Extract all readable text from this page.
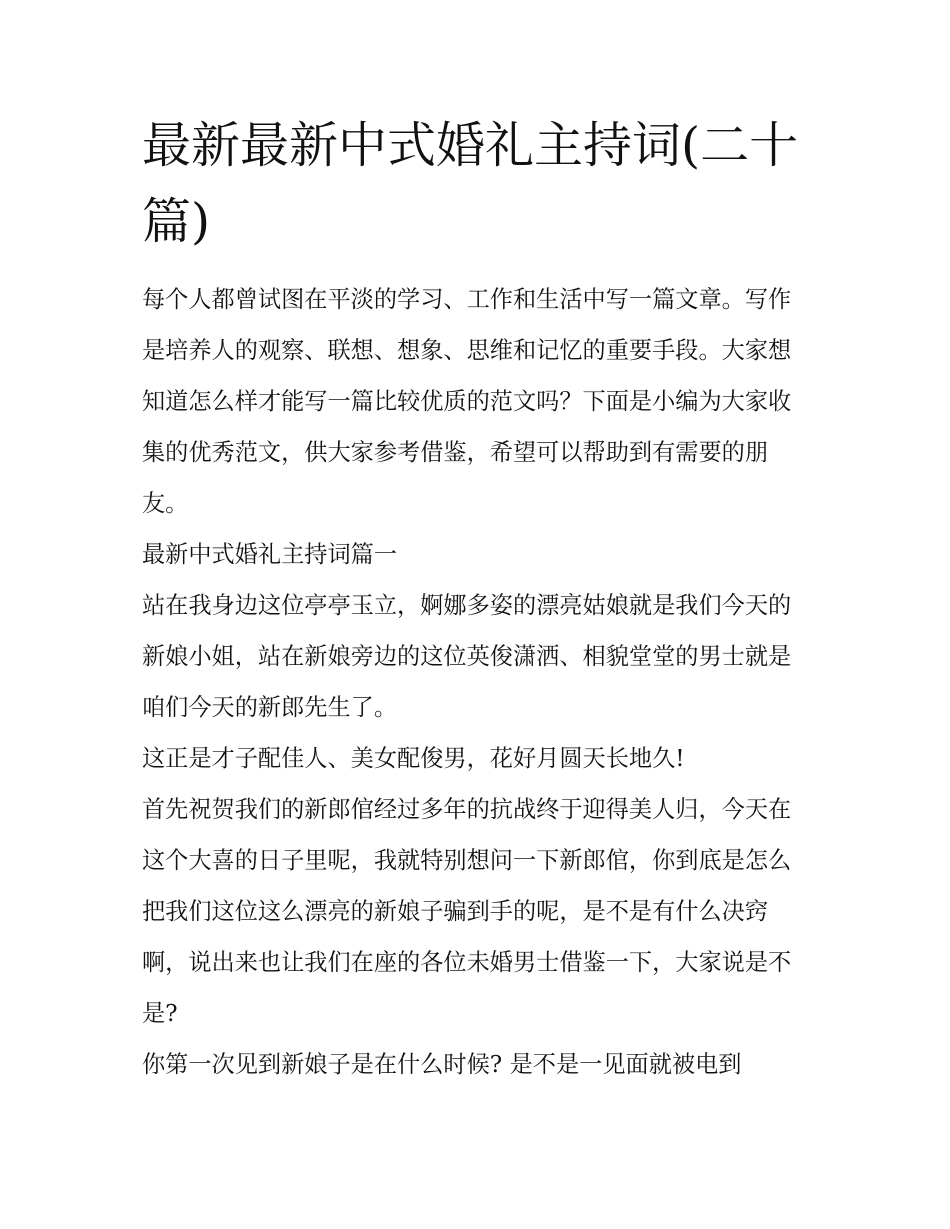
最新最新中式婚礼主持词(二十篇)

每个人都曾试图在平淡的学习、工作和生活中写一篇文章。写作是培养人的观察、联想、想象、思维和记忆的重要手段。大家想知道怎么样才能写一篇比较优质的范文吗？下面是小编为大家收集的优秀范文，供大家参考借鉴，希望可以帮助到有需要的朋友。

最新中式婚礼主持词篇一

站在我身边这位亭亭玉立，婀娜多姿的漂亮姑娘就是我们今天的新娘小姐，站在新娘旁边的这位英俊潇洒、相貌堂堂的男士就是咱们今天的新郎先生了。

这正是才子配佳人、美女配俊男，花好月圆天长地久!

首先祝贺我们的新郎倌经过多年的抗战终于迎得美人归，今天在这个大喜的日子里呢，我就特别想问一下新郎倌，你到底是怎么把我们这位这么漂亮的新娘子骗到手的呢，是不是有什么决窍啊，说出来也让我们在座的各位未婚男士借鉴一下，大家说是不是?

你第一次见到新娘子是在什么时候? 是不是一见面就被电到
